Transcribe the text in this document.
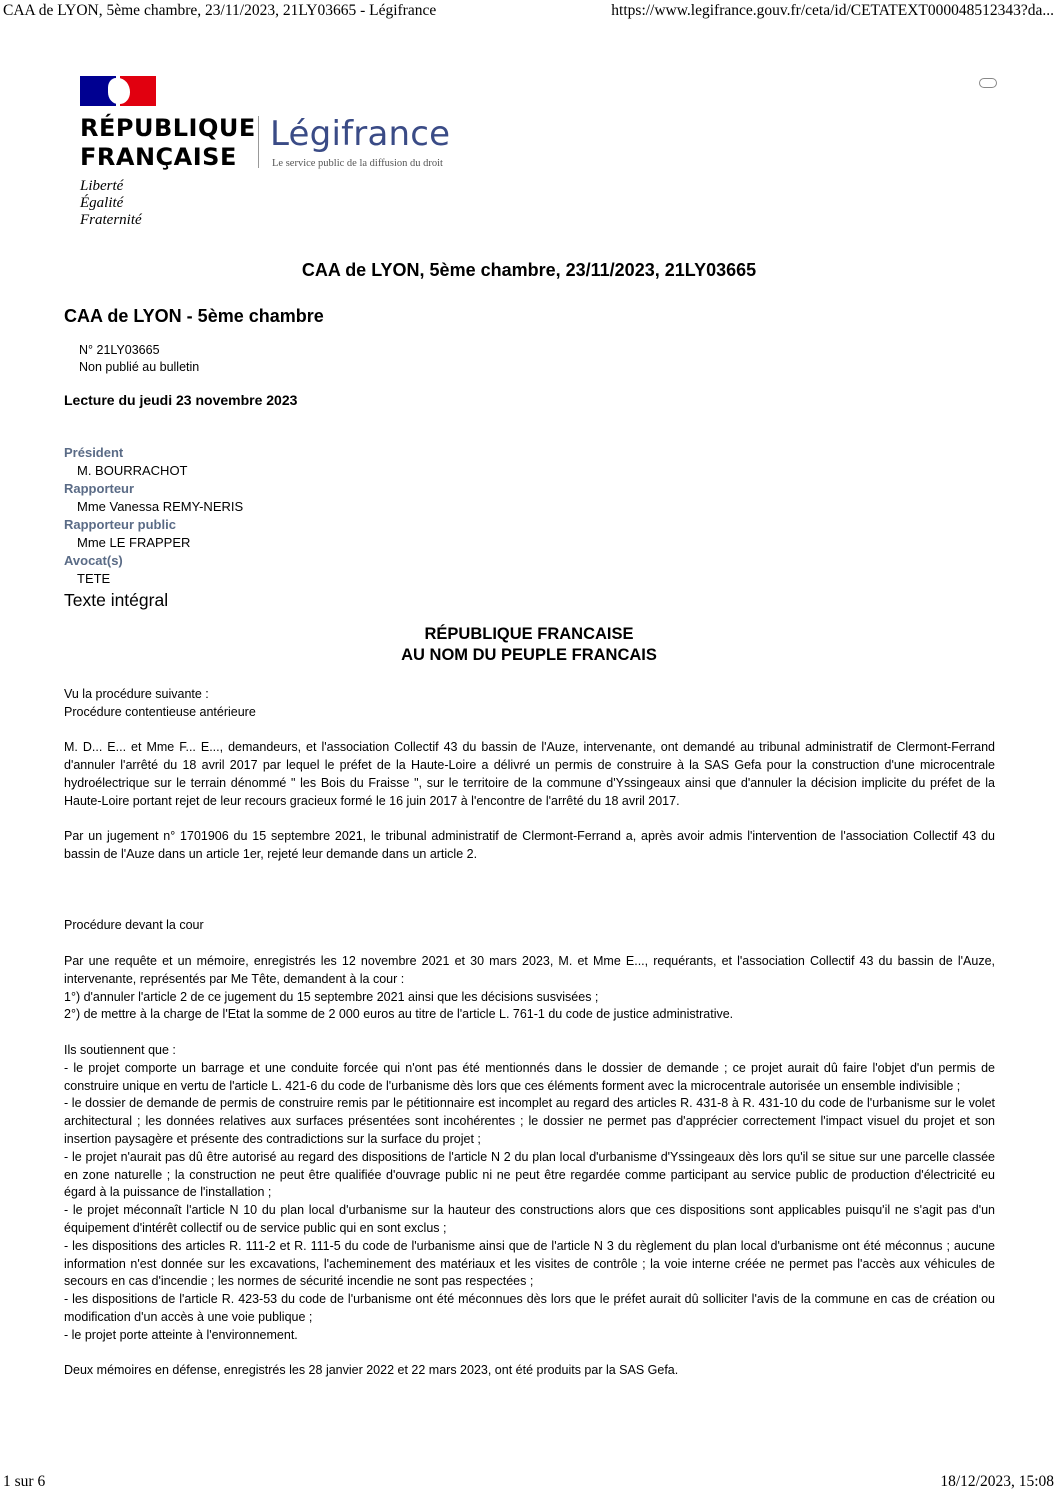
CAA de LYON, 5ème chambre, 23/11/2023, 21LY03665 - Légifrance	https://www.legifrance.gouv.fr/ceta/id/CETATEXT000048512343?da...
RÉPUBLIQUE
FRANÇAISE
Liberté
Égalité
Fraternité
Légifrance
Le service public de la diffusion du droit
CAA de LYON, 5ème chambre, 23/11/2023, 21LY03665
CAA de LYON - 5ème chambre
N° 21LY03665
Non publié au bulletin
Lecture du jeudi 23 novembre 2023
Président
M. BOURRACHOT
Rapporteur
Mme Vanessa REMY-NERIS
Rapporteur public
Mme LE FRAPPER
Avocat(s)
TETE
Texte intégral
RÉPUBLIQUE FRANCAISE
AU NOM DU PEUPLE FRANCAIS

Vu la procédure suivante :

Procédure contentieuse antérieure

M. D... E... et Mme F... E..., demandeurs, et l'association Collectif 43 du bassin de l'Auze, intervenante, ont demandé au tribunal administratif de Clermont-Ferrand d'annuler l'arrêté du 18 avril 2017 par lequel le préfet de la Haute-Loire a délivré un permis de construire à la SAS Gefa pour la construction d'une microcentrale hydroélectrique sur le terrain dénommé " les Bois du Fraisse ", sur le territoire de la commune d'Yssingeaux ainsi que d'annuler la décision implicite du préfet de la Haute-Loire portant rejet de leur recours gracieux formé le 16 juin 2017 à l'encontre de l'arrêté du 18 avril 2017.

Par un jugement n° 1701906 du 15 septembre 2021, le tribunal administratif de Clermont-Ferrand a, après avoir admis l'intervention de l'association Collectif 43 du bassin de l'Auze dans un article 1er, rejeté leur demande dans un article 2.

Procédure devant la cour

Par une requête et un mémoire, enregistrés les 12 novembre 2021 et 30 mars 2023, M. et Mme E..., requérants, et l'association Collectif 43 du bassin de l'Auze, intervenante, représentés par Me Tête, demandent à la cour :

1°) d'annuler l'article 2 de ce jugement du 15 septembre 2021 ainsi que les décisions susvisées ;

2°) de mettre à la charge de l'Etat la somme de 2 000 euros au titre de l'article L. 761-1 du code de justice administrative.

Ils soutiennent que :

- le projet comporte un barrage et une conduite forcée qui n'ont pas été mentionnés dans le dossier de demande ; ce projet aurait dû faire l'objet d'un permis de construire unique en vertu de l'article L. 421-6 du code de l'urbanisme dès lors que ces éléments forment avec la microcentrale autorisée un ensemble indivisible ;

- le dossier de demande de permis de construire remis par le pétitionnaire est incomplet au regard des articles R. 431-8 à R. 431-10 du code de l'urbanisme sur le volet architectural ; les données relatives aux surfaces présentées sont incohérentes ; le dossier ne permet pas d'apprécier correctement l'impact visuel du projet et son insertion paysagère et présente des contradictions sur la surface du projet ;

- le projet n'aurait pas dû être autorisé au regard des dispositions de l'article N 2 du plan local d'urbanisme d'Yssingeaux dès lors qu'il se situe sur une parcelle classée en zone naturelle ; la construction ne peut être qualifiée d'ouvrage public ni ne peut être regardée comme participant au service public de production d'électricité eu égard à la puissance de l'installation ;

- le projet méconnaît l'article N 10 du plan local d'urbanisme sur la hauteur des constructions alors que ces dispositions sont applicables puisqu'il ne s'agit pas d'un équipement d'intérêt collectif ou de service public qui en sont exclus ;

- les dispositions des articles R. 111-2 et R. 111-5 du code de l'urbanisme ainsi que de l'article N 3 du règlement du plan local d'urbanisme ont été méconnus ; aucune information n'est donnée sur les excavations, l'acheminement des matériaux et les visites de contrôle ; la voie interne créée ne permet pas l'accès aux véhicules de secours en cas d'incendie ; les normes de sécurité incendie ne sont pas respectées ;

- les dispositions de l'article R. 423-53 du code de l'urbanisme ont été méconnues dès lors que le préfet aurait dû solliciter l'avis de la commune en cas de création ou modification d'un accès à une voie publique ;

- le projet porte atteinte à l'environnement.

Deux mémoires en défense, enregistrés les 28 janvier 2022 et 22 mars 2023, ont été produits par la SAS Gefa.

1 sur 6	18/12/2023, 15:08
